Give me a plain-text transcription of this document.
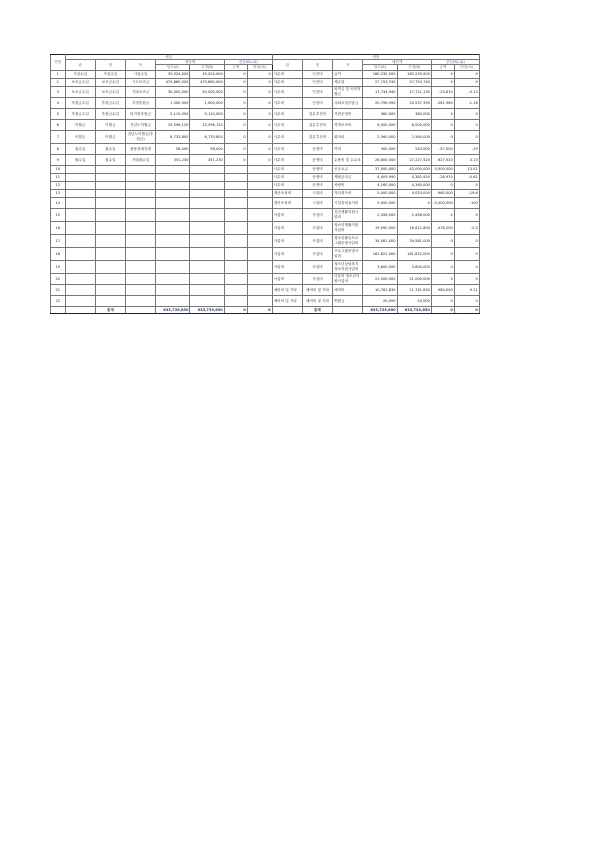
연번	세입							세출							
	관	항	목	예산액		증감(B)-(A)		관	항	목	예산액		증감(B)-(A)		
				당초(A)	추경(B)	금액	비율(%)				당초(A)	추경(B)	금액	비율(%)	
1	사업수입	사업수입	사업수입	35,024,000	35,024,000	0	0	사무비	인건비	급여	180,235,500	180,235,500	0	0	
2	보조금수입	보조금수입	시도보조금	479,860,000	479,860,000	0	0	사무비	인건비	제수당	27,753,740	27,753,740	0	0	
3	보조금수입	보조금수입	기타보조금	30,000,000	30,000,000	0	0	사무비	인건비	퇴직금 및 퇴직적립금	17,734,940	17,711,130	-23,810	-0.13	
4	후원금수입	후원금수입	지정후원금	1,000,000	1,000,000	0	0	사무비	인건비	사회보험부담금	20,798,950	20,537,390	-261,560	-1.16	
5	후원금수입	후원금수입	비지정후원금	5,110,000	5,110,000	0	0	사무비	업무추진비	기관운영비	360,000	360,000	0	0	
6	이월금	이월금	전년도이월금	25,596,120	25,596,120	0	0	사무비	업무추진비	직책보조비	8,000,000	8,000,000	0	0	
7	이월금	이월금	전년도이월금(후원금)	6,733,800	6,733,800	0	0	사무비	업무추진비	회의비	2,560,000	2,560,000	0	0	
8	잡수입	잡수입	불용품매각대	58,000	58,000	0	0	사무비	운영비	여비	300,000	243,000	-57,000	-19	
9	잡수입	잡수입	기타잡수입	351,230	351,230	0	0	사무비	운영비	수용비 및 수수료	26,800,000	27,227,520	627,520	3.13	
10								사무비	운영비	공공요금	37,000,000	42,000,000	5,000,000	13.51	
11								사무비	운영비	제세공과금	4,409,990	4,382,920	-26,970	-0.61	
12								사무비	운영비	차량비	4,160,000	4,160,000	0	0	
13								재산조성비	시설비	자산취득비	5,000,000	4,020,000	-980,000	-19.6	
14								재산조성비	시설비	시설장비유지비	5,000,000	0	-5,000,000	-100	
15								사업비	사업비	건강생활지원사업비	2,458,000	2,458,000	0	0	
16								사업비	사업비	청소년생활지원사업비	19,090,000	18,611,800	-478,200	-2.5	
17								사업비	사업비	청소년활동프로그램운영사업비	34,581,000	34,581,000	0	0	
18								사업비	사업비	프로그램운영사업비	181,822,000	181,822,000	0	0	
19								사업비	사업비	청소년상담복지정보지원사업비	3,600,000	3,600,000	0	0	
20								사업비	사업비	다문화 청소년지원사업비	21,000,000	21,000,000	0	0	
21								예비비 및 기타	예비비 및 기타	예비비	10,761,830	11,741,830	980,000	9.11	
22								예비비 및 기타	예비비 및 기타	반환금	20,000	20,000	0	0	
		총계		633,735,650	633,735,650	0	0		총계		633,735,650	633,735,650	0	0	
